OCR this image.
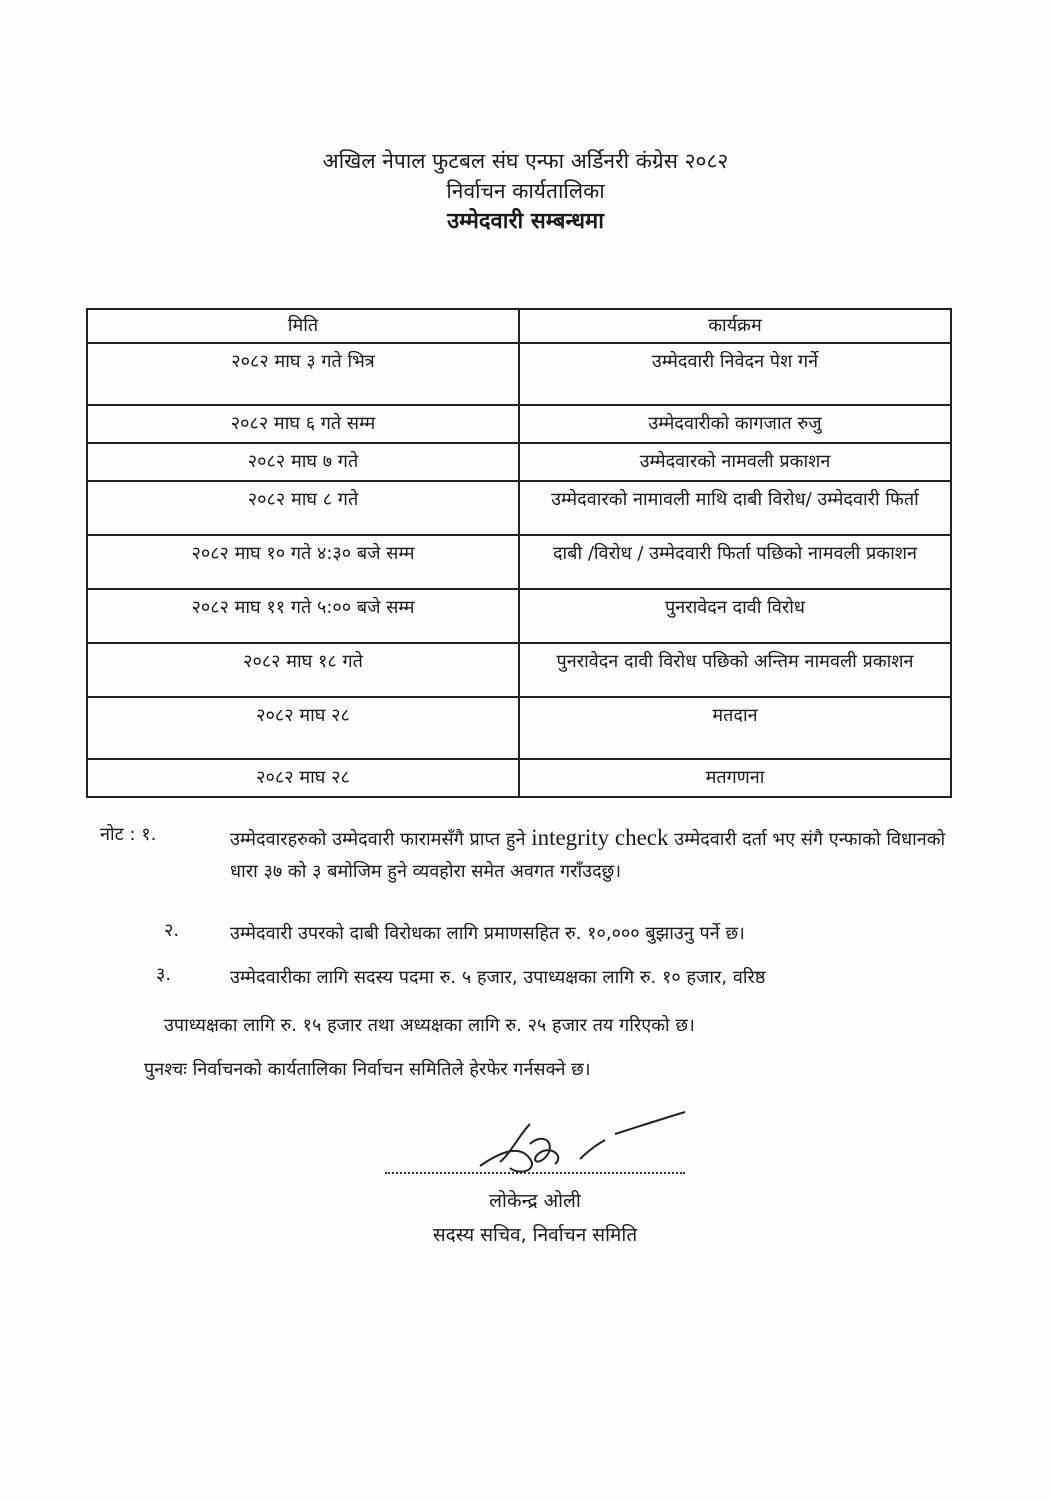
अखिल नेपाल फुटबल संघ एन्फा अर्डिनरी कंग्रेस २०८२
निर्वाचन कार्यतालिका
उम्मेदवारी सम्बन्धमा
मिति	कार्यक्रम
२०८२ माघ ३ गते भित्र	उम्मेदवारी निवेदन पेश गर्ने
२०८२ माघ ६ गते सम्म	उम्मेदवारीको कागजात रुजु
२०८२ माघ ७ गते	उम्मेदवारको नामवली प्रकाशन
२०८२ माघ ८ गते	उम्मेदवारको नामावली माथि दाबी विरोध/ उम्मेदवारी फिर्ता
२०८२ माघ १० गते ४:३० बजे सम्म	दाबी /विरोध / उम्मेदवारी फिर्ता पछिको नामवली प्रकाशन
२०८२ माघ ११ गते ५:०० बजे सम्म	पुनरावेदन दावी विरोध
२०८२ माघ १८ गते	पुनरावेदन दावी विरोध पछिको अन्तिम नामवली प्रकाशन
२०८२ माघ २८	मतदान
२०८२ माघ २८	मतगणना
नोट : १.	उम्मेदवारहरुको उम्मेदवारी फारामसँगै प्राप्त हुने integrity check उम्मेदवारी दर्ता भए संगै एन्फाको विधानको धारा ३७ को ३ बमोजिम हुने व्यवहोरा समेत अवगत गराँउदछु।
२.	उम्मेदवारी उपरको दाबी विरोधका लागि प्रमाणसहित रु. १०,००० बुझाउनु पर्ने छ।
३.	उम्मेदवारीका लागि सदस्य पदमा रु. ५ हजार, उपाध्यक्षका लागि रु. १० हजार, वरिष्ठ
उपाध्यक्षका लागि रु. १५ हजार तथा अध्यक्षका लागि रु. २५ हजार तय गरिएको छ।
पुनश्चः निर्वाचनको कार्यतालिका निर्वाचन समितिले हेरफेर गर्नसक्ने छ।
लोकेन्द्र ओली
सदस्य सचिव, निर्वाचन समिति
